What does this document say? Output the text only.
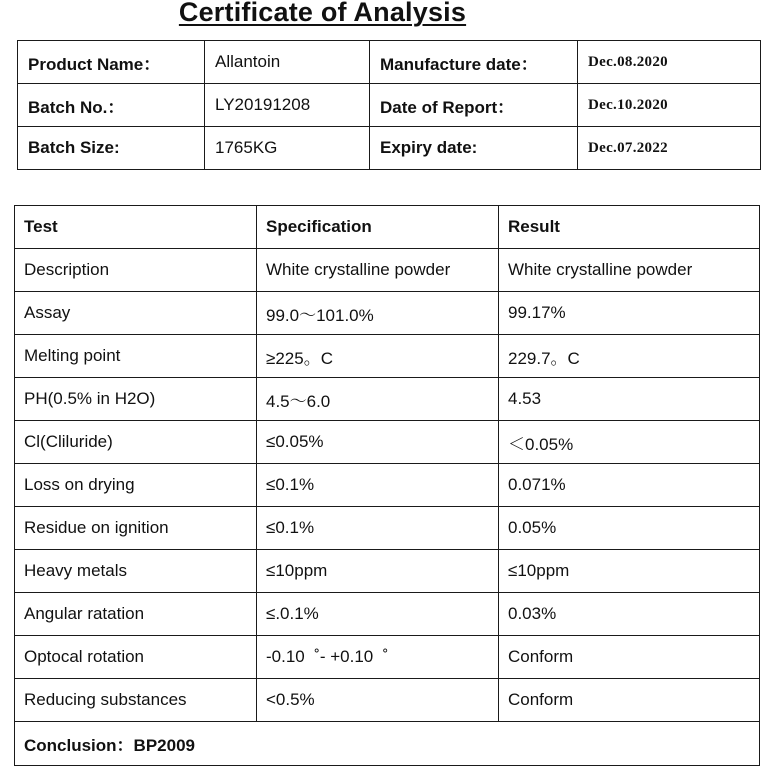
Certificate of Analysis
Product Name：	Allantoin	Manufacture date：	Dec.08.2020
Batch No.：	LY20191208	Date of Report：	Dec.10.2020
Batch Size:	1765KG	Expiry date:	Dec.07.2022
Test	Specification	Result
Description	White crystalline powder	White crystalline powder
Assay	99.0～101.0%	99.17%
Melting point	≥225。C	229.7。C
PH(0.5% in H2O)	4.5～6.0	4.53
Cl(Cliluride)	≤0.05%	＜0.05%
Loss on drying	≤0.1%	0.071%
Residue on ignition	≤0.1%	0.05%
Heavy metals	≤10ppm	≤10ppm
Angular ratation	≤.0.1%	0.03%
Optocal rotation	-0.10  ˚- +0.10  ˚	Conform
Reducing substances	<0.5%	Conform
Conclusion：BP2009		
